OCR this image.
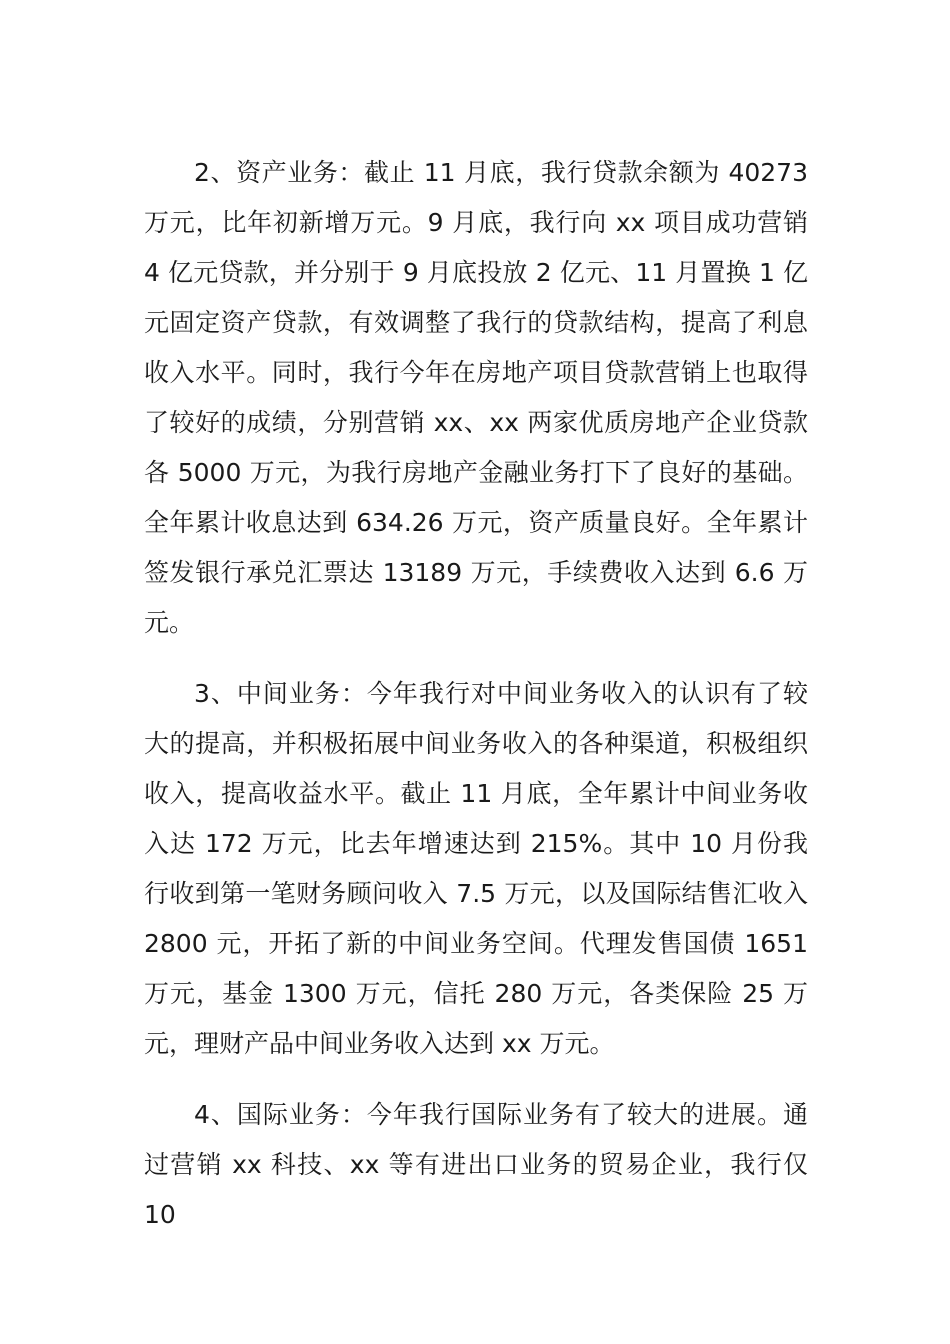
2、资产业务：截止 11 月底，我行贷款余额为 40273 万元，比年初新增万元。9 月底，我行向 xx 项目成功营销 4 亿元贷款，并分别于 9 月底投放 2 亿元、11 月置换 1 亿元固定资产贷款，有效调整了我行的贷款结构，提高了利息收入水平。同时，我行今年在房地产项目贷款营销上也取得了较好的成绩，分别营销 xx、xx 两家优质房地产企业贷款各 5000 万元，为我行房地产金融业务打下了良好的基础。全年累计收息达到 634.26 万元，资产质量良好。全年累计签发银行承兑汇票达 13189 万元，手续费收入达到 6.6 万元。

3、中间业务：今年我行对中间业务收入的认识有了较大的提高，并积极拓展中间业务收入的各种渠道，积极组织收入，提高收益水平。截止 11 月底，全年累计中间业务收入达 172 万元，比去年增速达到 215%。其中 10 月份我行收到第一笔财务顾问收入 7.5 万元，以及国际结售汇收入 2800 元，开拓了新的中间业务空间。代理发售国债 1651 万元，基金 1300 万元，信托 280 万元，各类保险 25 万元，理财产品中间业务收入达到 xx 万元。

4、国际业务：今年我行国际业务有了较大的进展。通过营销 xx 科技、xx 等有进出口业务的贸易企业，我行仅 10
